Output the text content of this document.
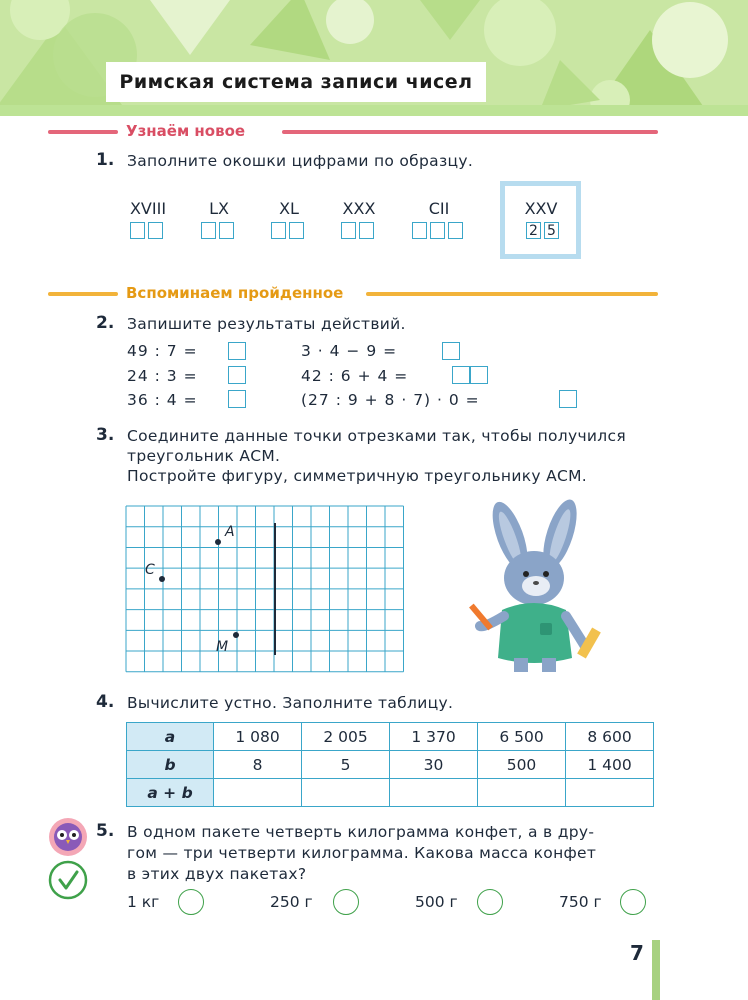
Римская система записи чисел
Узнаём новое
1. Заполните окошки цифрами по образцу.
XVIII	LX	XL	XXX	CII	XXV
2 5
Вспоминаем пройденное
2. Запишите результаты действий.
49 : 7 =
24 : 3 =
36 : 4 =
3 · 4 − 9 =
42 : 6 + 4 =
(27 : 9 + 8 · 7) · 0 =
3. Соедините данные точки отрезками так, чтобы получился
треугольник АСМ.
Постройте фигуру, симметричную треугольнику АСМ.
A
C
M
4. Вычислите устно. Заполните таблицу.
a	1 080	2 005	1 370	6 500	8 600
b	8	5	30	500	1 400
a + b					
5. В одном пакете четверть килограмма конфет, а в дру-
гом — три четверти килограмма. Какова масса конфет
в этих двух пакетах?
1 кг	250 г	500 г	750 г
7
